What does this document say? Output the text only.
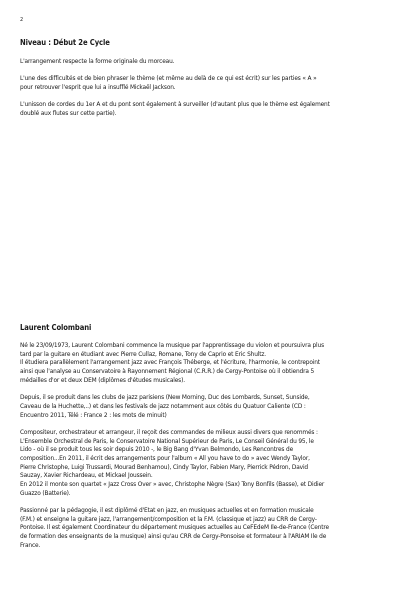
2
Niveau : Début 2e Cycle

L'arrangement respecte la forme originale du morceau.

L'une des difficultés et de bien phraser le thème (et même au delà de ce qui est écrit) sur les parties « A »
pour retrouver l'esprit que lui a insufflé Mickaël Jackson.

L'unisson de cordes du 1er A et du pont sont également à surveiller (d'autant plus que le thème est également
doublé aux flutes sur cette partie).

Laurent Colombani

Né le 23/09/1973, Laurent Colombani commence la musique par l'apprentissage du violon et poursuivra plus
tard par la guitare en étudiant avec Pierre Cullaz, Romane, Tony de Caprio et Eric Shultz.
Il étudiera parallèlement l'arrangement jazz avec François Théberge, et l'écriture, l'harmonie, le contrepoint
ainsi que l'analyse au Conservatoire à Rayonnement Régional (C.R.R.) de Cergy-Pontoise où il obtiendra 5
médailles d'or et deux DEM (diplômes d'études musicales).

Depuis, il se produit dans les clubs de jazz parisiens (New Morning, Duc des Lombards, Sunset, Sunside,
Caveau de la Huchette,..) et dans les festivals de jazz notamment aux côtés du Quatuor Caliente (CD :
Encuentro 2011, Télé : France 2 : les mots de minuit)

Compositeur, orchestrateur et arrangeur, il reçoit des commandes de milieux aussi divers que renommés :
L'Ensemble Orchestral de Paris, le Conservatoire National Supérieur de Paris, Le Conseil Général du 95, le
Lido - où il se produit tous les soir depuis 2010 -, le Big Bang d'Yvan Belmondo, Les Rencontres de
composition...En 2011, il écrit des arrangements pour l'album « All you have to do » avec Wendy Taylor,
Pierre Christophe, Luigi Trussardi, Mourad Benhamou), Cindy Taylor, Fabien Mary, Pierrick Pédron, David
Sauzay, Xavier Richardeau, et Mickael Joussein.
En 2012 il monte son quartet « Jazz Cross Over » avec, Christophe Nègre (Sax) Tony Bonfils (Basse), et Didier
Guazzo (Batterie).

Passionné par la pédagogie, il est diplômé d'Etat en jazz, en musiques actuelles et en formation musicale
(F.M.) et enseigne la guitare jazz, l'arrangement/composition et la F.M. (classique et jazz) au CRR de Cergy-
Pontoise. Il est également Coordinateur du département musiques actuelles au CeFEdeM Ile-de-France (Centre
de formation des enseignants de la musique) ainsi qu'au CRR de Cergy-Ponsoise et formateur à l'ARIAM Ile de
France.
